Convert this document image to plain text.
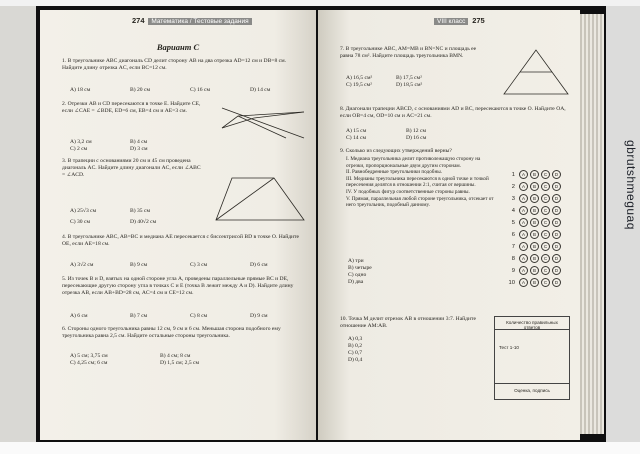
gbrutshmeguaq
274 Математика / Тестовые задания
Вариант С
1. В треугольнике ABC диагональ CD делит сторону AB на два отрезка AD=12 см и DB=8 см. Найдите длину отрезка AC, если BC=12 см.
A) 18 см	B) 20 см	C) 16 см	D) 14 см
2. Отрезки AB и CD пересекаются в точке E. Найдите CE, если ∠CAE = ∠BDE, ED=6 см, EB=4 см и AE=3 см.
A) 3,2 см	B) 4 см
C) 2 см	D) 3 см
3. В трапеции с основаниями 20 см и 45 см проведена диагональ AC. Найдите длину диагонали AC, если ∠ABC = ∠ACD.
A) 25√3 см	B) 35 см
C) 30 см	D) 40√2 см
4. В треугольнике ABC, AB=BC и медиана AE пересекается с биссектрисой BD в точке O. Найдите OE, если AE=18 см.
A) 3√2 см	B) 9 см	C) 3 см	D) 6 см
5. Из точек B и D, взятых на одной стороне угла A, проведены параллельные прямые BC и DE, пересекающие другую сторону угла в точках C и E (точка B лежит между A и D). Найдите длину отрезка AB, если AB+BD=28 см, AC=4 см и CE=12 см.
A) 6 см	B) 7 см	C) 8 см	D) 9 см
6. Стороны одного треугольника равны 12 см, 9 см и 6 см. Меньшая сторона подобного ему треугольника равна 2,5 см. Найдите остальные стороны треугольника.
A) 5 см; 3,75 см	B) 4 см; 8 см
C) 4,25 см; 6 см	D) 1,5 см; 2,5 см
VIII класс 275
7. В треугольнике ABC, AM=MB и BN=NC и площадь ее равна 78 см². Найдите площадь треугольника BMN.
A) 16,5 см²	B) 17,5 см²
C) 19,5 см²	D) 18,5 см²
8. Диагонали трапеции ABCD, с основаниями AD и BC, пересекаются в точке O. Найдите OA, если OB=4 см, OD=10 см и AC=21 см.
A) 15 см	B) 12 см
C) 14 см	D) 16 см
9. Сколько из следующих утверждений верны?
I. Медиана треугольника делит противолежащую сторону на отрезки, пропорциональные двум другим сторонам.
II. Равнобедренные треугольники подобны.
III. Медианы треугольника пересекаются в одной точке и точкой пересечения делятся в отношении 2:1, считая от вершины.
IV. У подобных фигур соответственные стороны равны.
V. Прямая, параллельная любой стороне треугольника, отсекает от него треугольник, подобный данному.
A) три
B) четыре
C) одно
D) два
1	A	B	C	D
2	A	B	C	D
3	A	B	C	D
4	A	B	C	D
5	A	B	C	D
6	A	B	C	D
7	A	B	C	D
8	A	B	C	D
9	A	B	C	D
10	A	B	C	D
10. Точка M делит отрезок AB в отношении 3:7. Найдите отношение AM:AB.
A) 0,3
B) 0,2
C) 0,7
D) 0,4
Количество правильных ответов
Тест 1-10
Оценка, подпись
